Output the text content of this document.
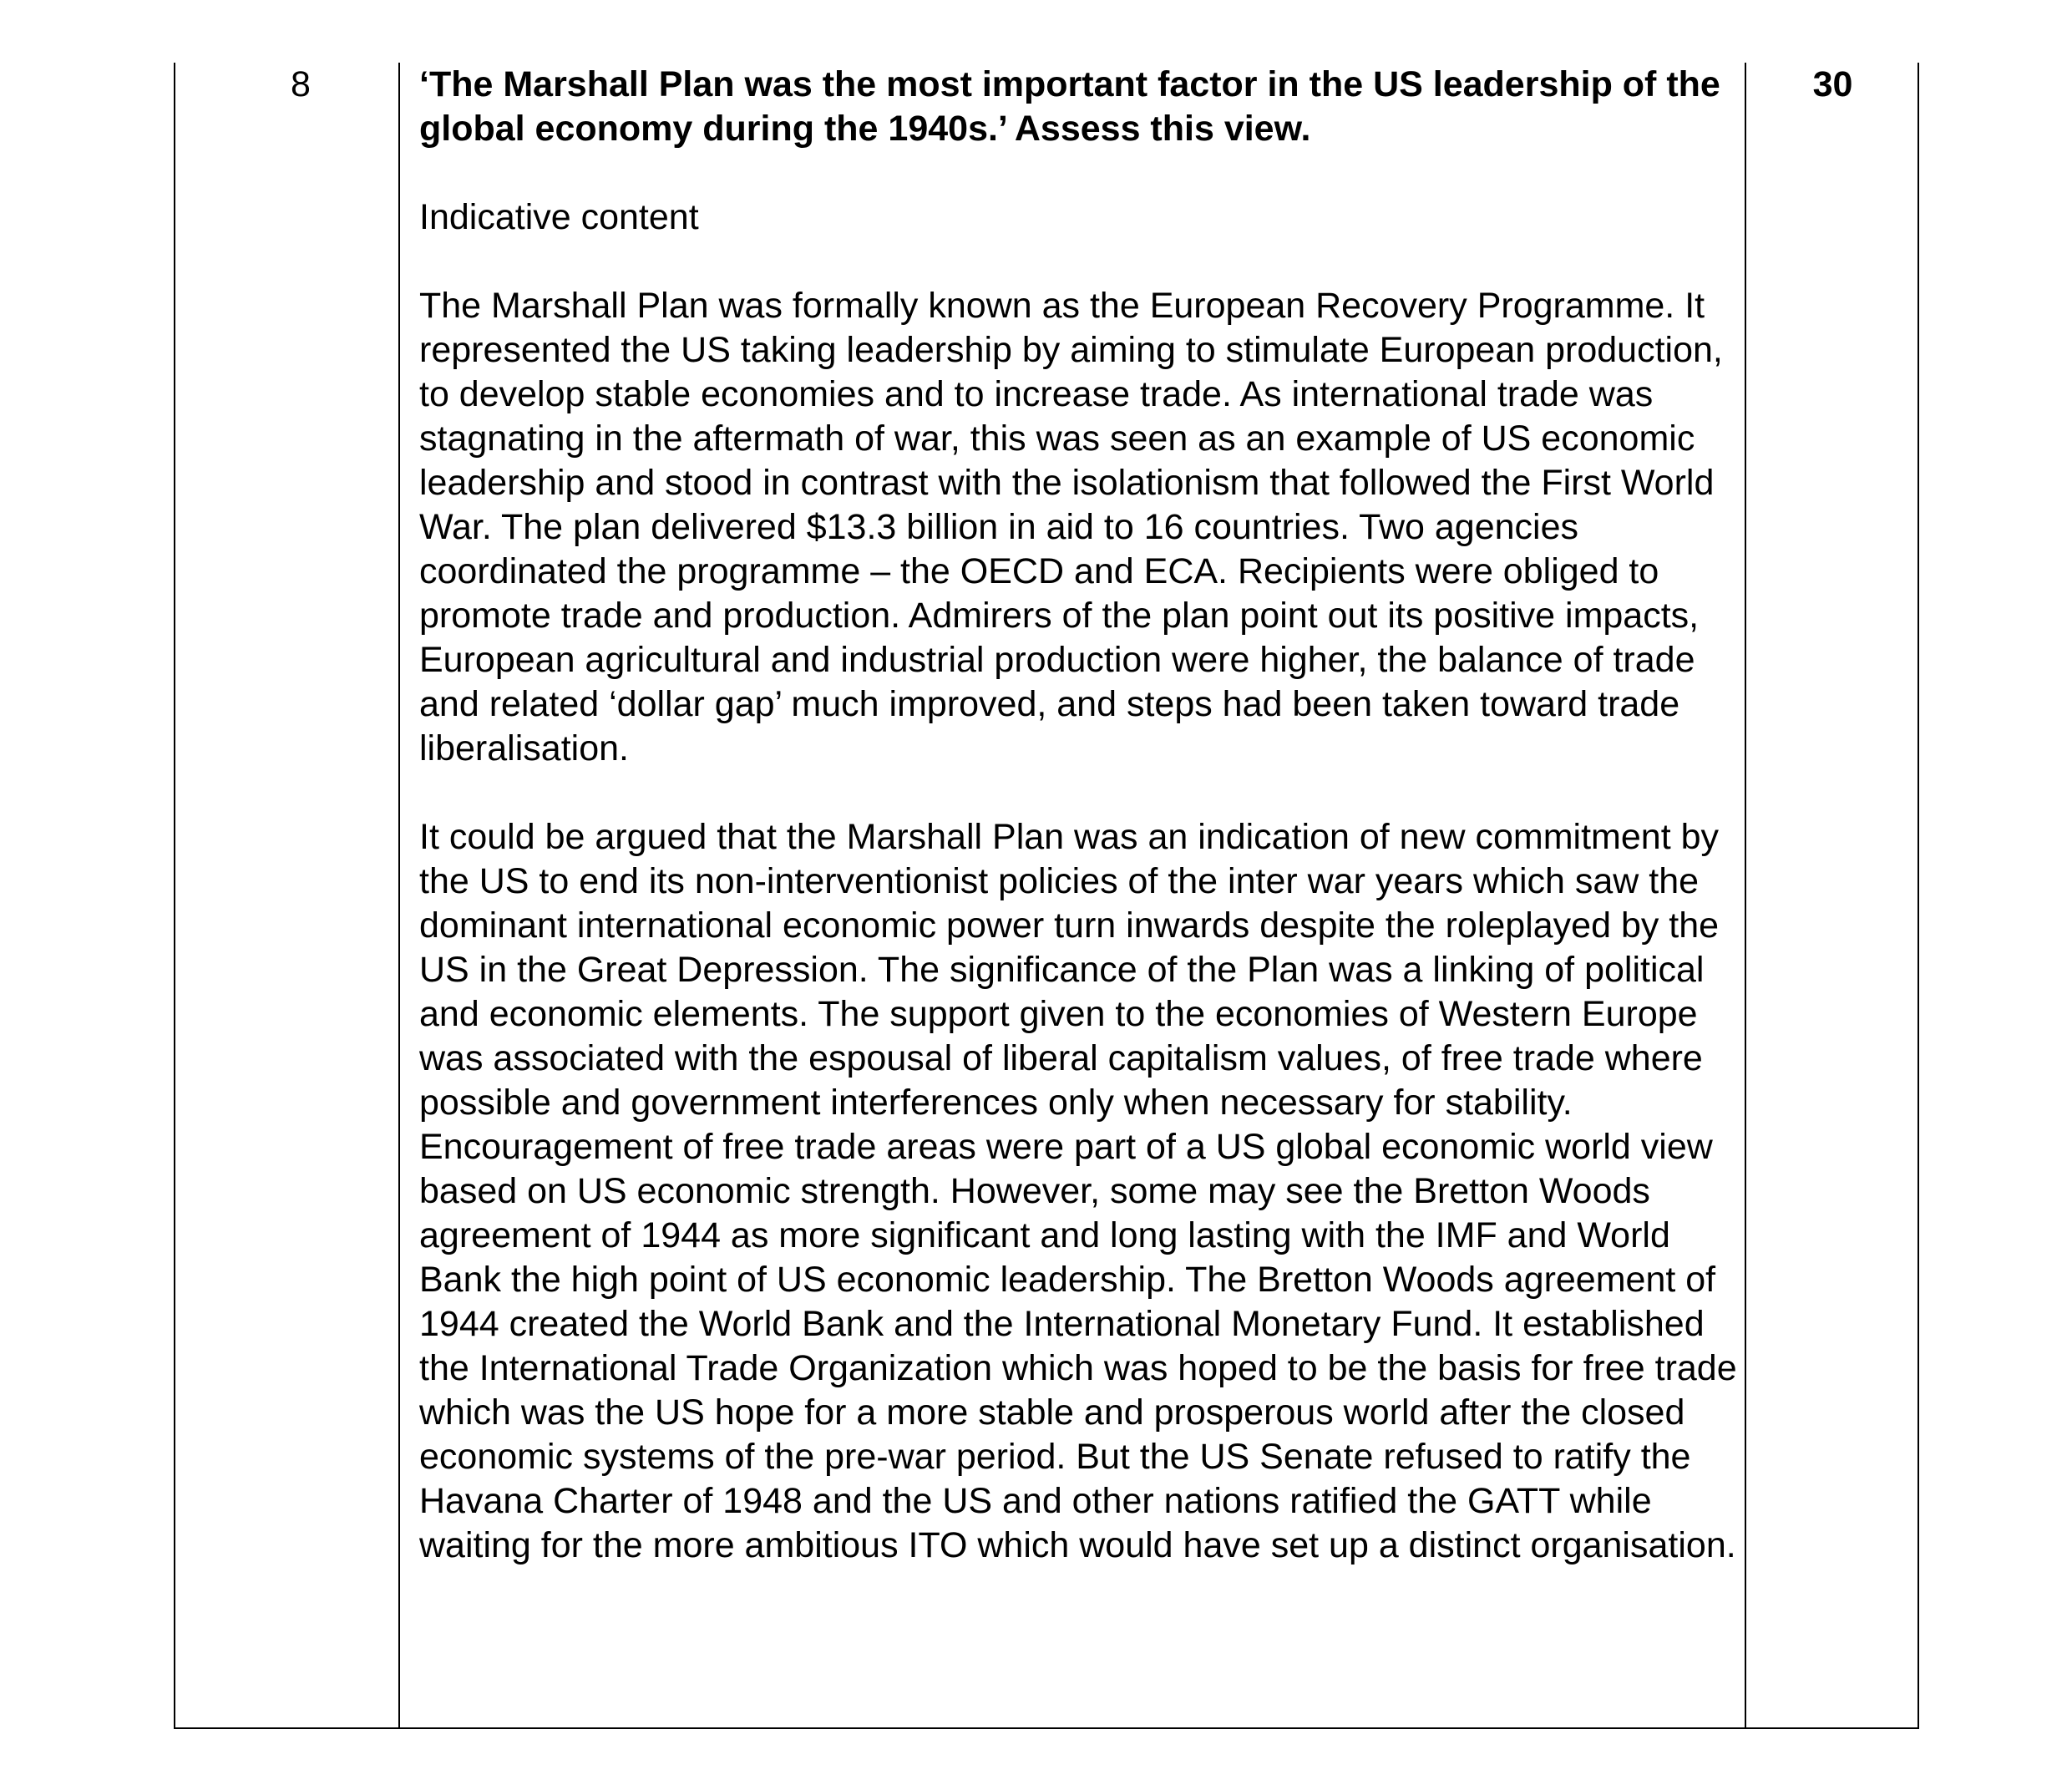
8	‘The Marshall Plan was the most important factor in the US leadership of the global economy during the 1940s.’ Assess this view.

Indicative content

The Marshall Plan was formally known as the European Recovery Programme. It represented the US taking leadership by aiming to stimulate European production, to develop stable economies and to increase trade. As international trade was stagnating in the aftermath of war, this was seen as an example of US economic leadership and stood in contrast with the isolationism that followed the First World War. The plan delivered $13.3 billion in aid to 16 countries. Two agencies coordinated the programme – the OECD and ECA. Recipients were obliged to promote trade and production. Admirers of the plan point out its positive impacts, European agricultural and industrial production were higher, the balance of trade and related ‘dollar gap’ much improved, and steps had been taken toward trade liberalisation.

It could be argued that the Marshall Plan was an indication of new commitment by the US to end its non-interventionist policies of the inter war years which saw the dominant international economic power turn inwards despite the roleplayed by the US in the Great Depression. The significance of the Plan was a linking of political and economic elements. The support given to the economies of Western Europe was associated with the espousal of liberal capitalism values, of free trade where possible and government interferences only when necessary for stability. Encouragement of free trade areas were part of a US global economic world view based on US economic strength. However, some may see the Bretton Woods agreement of 1944 as more significant and long lasting with the IMF and World Bank the high point of US economic leadership. The Bretton Woods agreement of 1944 created the World Bank and the International Monetary Fund. It established the International Trade Organization which was hoped to be the basis for free trade which was the US hope for a more stable and prosperous world after the closed economic systems of the pre-war period. But the US Senate refused to ratify the Havana Charter of 1948 and the US and other nations ratified the GATT while waiting for the more ambitious ITO which would have set up a distinct organisation.

30
